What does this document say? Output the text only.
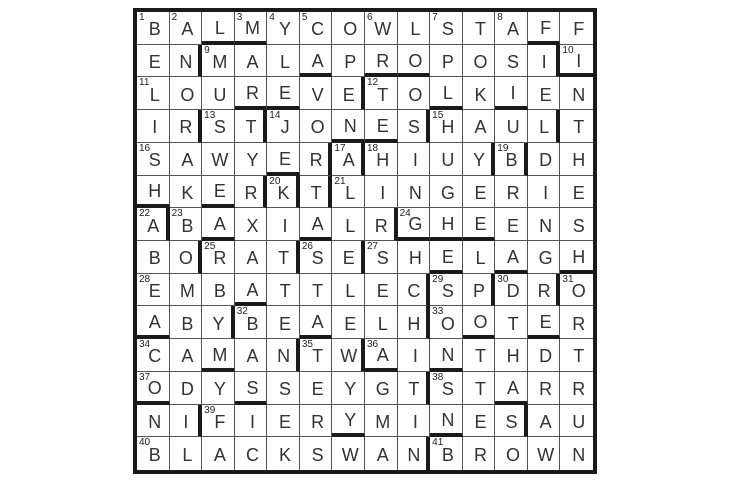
1
B
2
A L
3
M
4
Y
5
C O
6
W L
7
S T
8
A F F
E N
9
M A L A P R O P O S I
10
I
11
L O U R E V E
12
T O L K I E N
I R
13
S T
14
J O N E S
15
H A U L T
16
S A W Y E R
17
A
18
H I U Y
19
B D H
H K E R
20
K T
21
L I N G E R I E
22
A
23
B A X I A L R
24
G H E E N S
B O
25
R A T
26
S E
27
S H E L A G H
28
E M B A T T L E C
29
S P
30
D R
31
O
A B Y
32
B E A E L H
33
O O T E R
34
C A M A N
35
T W
36
A I N T H D T
37
O D Y S S E Y G T
38
S T A R R
N I
39
F I E R Y M I N E S A U
40
B L A C K S W A N
41
B R O W N
